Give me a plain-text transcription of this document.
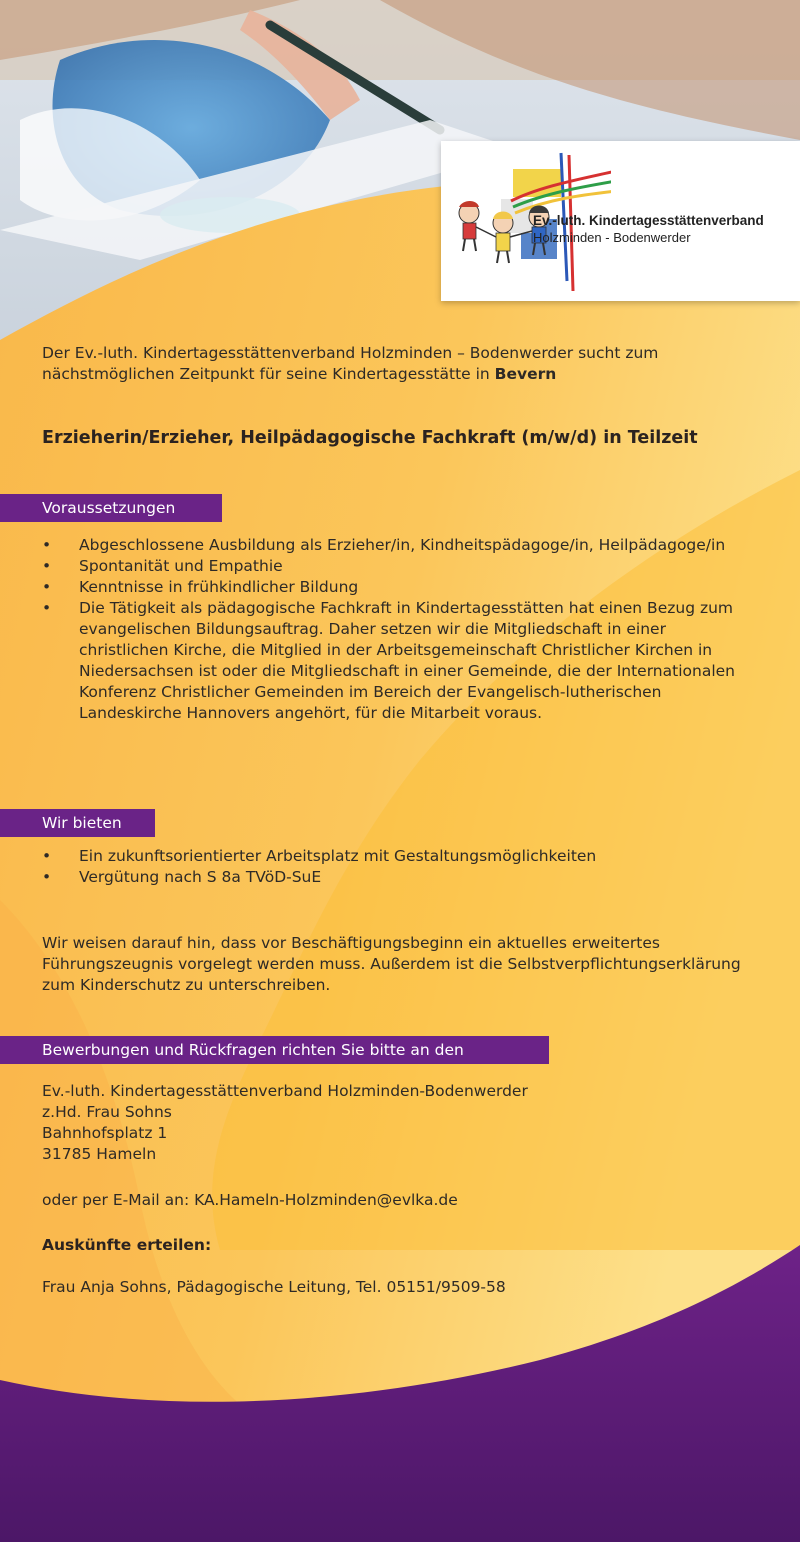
Ev.-luth. Kindertagesstättenverband
Holzminden - Bodenwerder
Der Ev.-luth. Kindertagesstättenverband Holzminden – Bodenwerder sucht zum nächstmöglichen Zeitpunkt für seine Kindertagesstätte in Bevern
Erzieherin/Erzieher, Heilpädagogische Fachkraft (m/w/d) in Teilzeit
Voraussetzungen
• Abgeschlossene Ausbildung als Erzieher/in, Kindheitspädagoge/in, Heilpädagoge/in
• Spontanität und Empathie
• Kenntnisse in frühkindlicher Bildung
• Die Tätigkeit als pädagogische Fachkraft in Kindertagesstätten hat einen Bezug zum evangelischen Bildungsauftrag. Daher setzen wir die Mitgliedschaft in einer christlichen Kirche, die Mitglied in der Arbeitsgemeinschaft Christlicher Kirchen in Niedersachsen ist oder die Mitgliedschaft in einer Gemeinde, die der Internationalen Konferenz Christlicher Gemeinden im Bereich der Evangelisch-lutherischen Landeskirche Hannovers angehört, für die Mitarbeit voraus.
Wir bieten
• Ein zukunftsorientierter Arbeitsplatz mit Gestaltungsmöglichkeiten
• Vergütung nach S 8a TVöD-SuE
Wir weisen darauf hin, dass vor Beschäftigungsbeginn ein aktuelles erweitertes Führungszeugnis vorgelegt werden muss. Außerdem ist die Selbstverpflichtungserklärung zum Kinderschutz zu unterschreiben.
Bewerbungen und Rückfragen richten Sie bitte an den
Ev.-luth. Kindertagesstättenverband Holzminden-Bodenwerder
z.Hd. Frau Sohns
Bahnhofsplatz 1
31785 Hameln
oder per E-Mail an: KA.Hameln-Holzminden@evlka.de
Auskünfte erteilen:
Frau Anja Sohns, Pädagogische Leitung, Tel. 05151/9509-58
